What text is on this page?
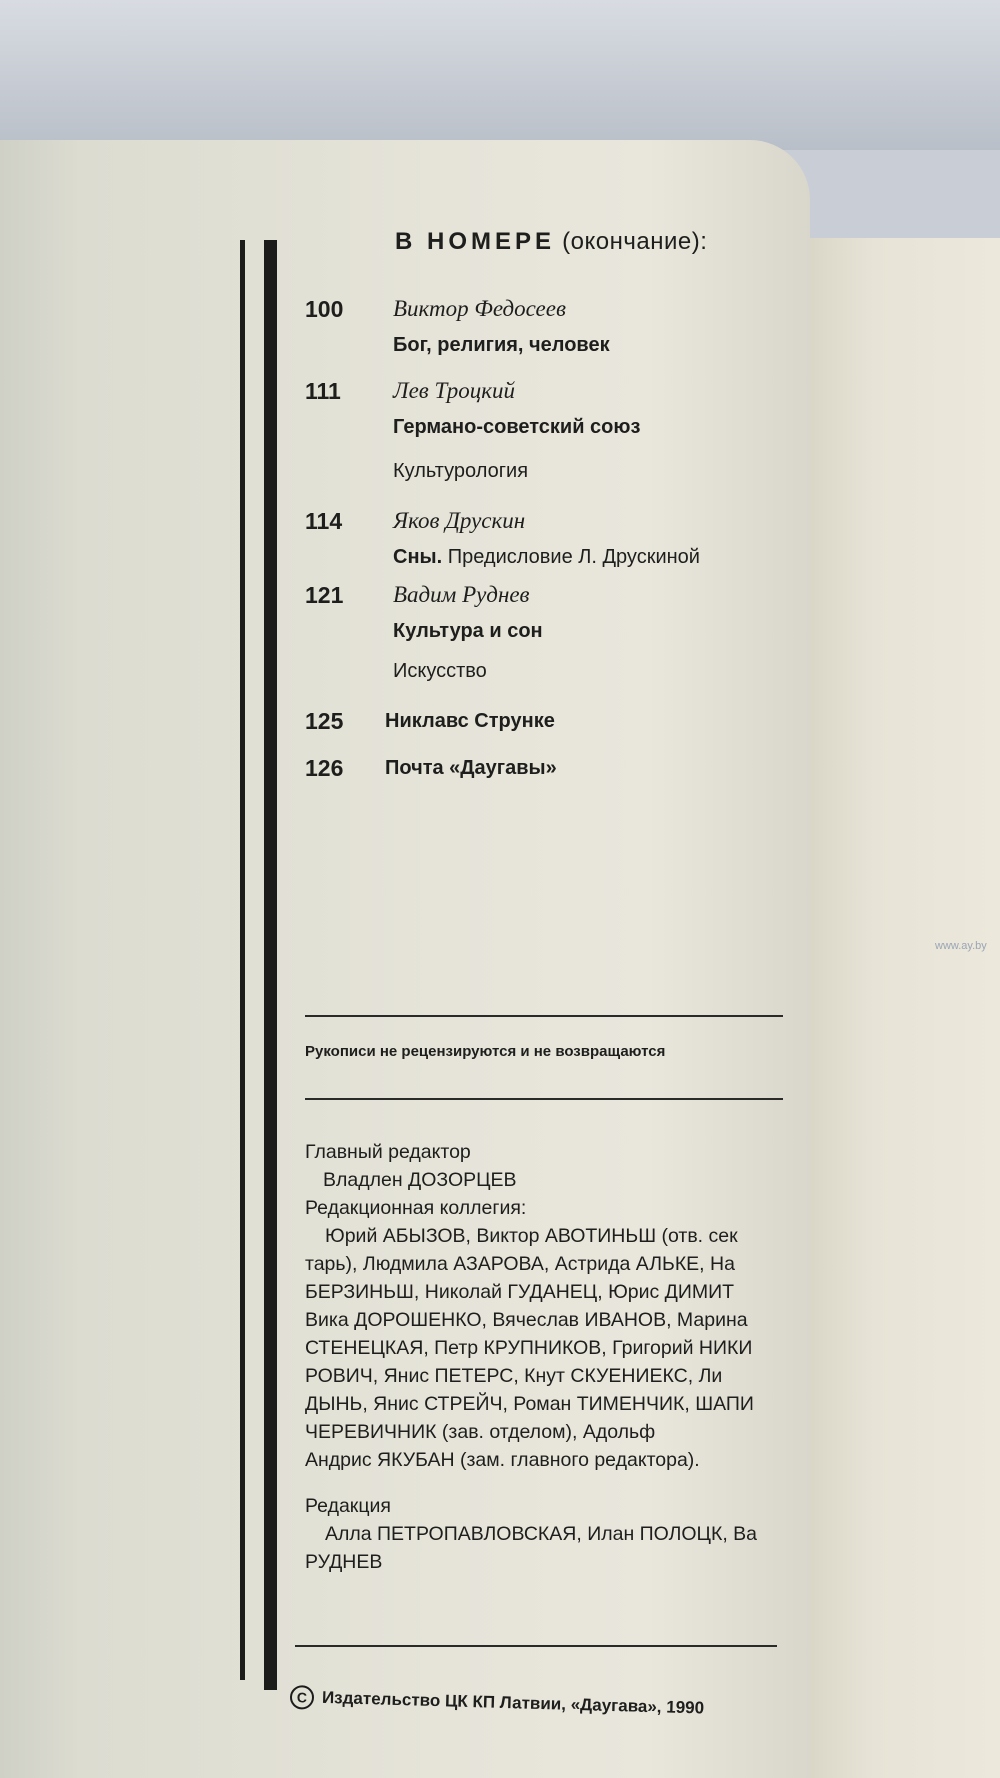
В НОМЕРЕ (окончание):
100	Виктор Федосеев
Бог, религия, человек
111	Лев Троцкий
Германо-советский союз
Культурология
114	Яков Друскин
Сны. Предисловие Л. Друскиной
121	Вадим Руднев
Культура и сон
Искусство
125	Никлавс Струнке
126	Почта «Даугавы»
Рукописи не рецензируются и не возвращаются
Главный редактор
Владлен ДОЗОРЦЕВ
Редакционная коллегия:
Юрий АБЫЗОВ, Виктор АВОТИНЬШ (отв. сек
тарь), Людмила АЗАРОВА, Астрида АЛЬКЕ, Ha
БЕРЗИНЬШ, Николай ГУДАНЕЦ, Юрис ДИМИТ
Вика ДОРОШЕНКО, Вячеслав ИВАНОВ, Марина
СТЕНЕЦКАЯ, Петр КРУПНИКОВ, Григорий НИКИ
РОВИЧ, Янис ПЕТЕРС, Кнут СКУЕНИЕКС, Ли
ДЫНЬ, Янис СТРЕЙЧ, Роман ТИМЕНЧИК, ШАПИ
ЧЕРЕВИЧНИК (зав. отделом), Адольф
Андрис ЯКУБАН (зам. главного редактора).
Редакция
Алла ПЕТРОПАВЛОВСКАЯ, Илан ПОЛОЦК, Ва
РУДНЕВ
C Издательство ЦК КП Латвии, «Даугава», 1990
www.ay.by
